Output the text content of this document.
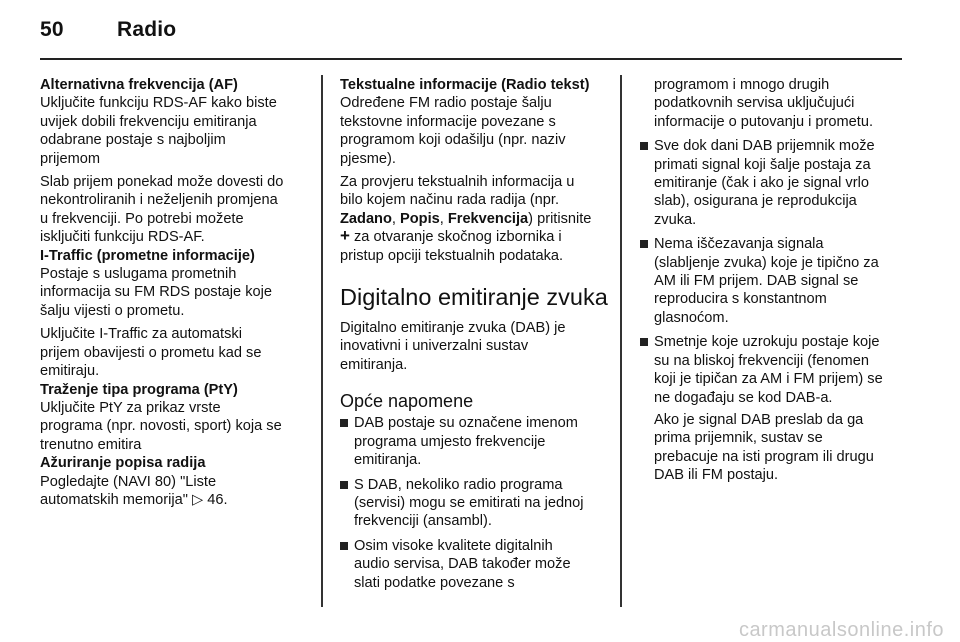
50	Radio
Alternativna frekvencija (AF)

Uključite funkciju RDS-AF kako biste
uvijek dobili frekvenciju emitiranja
odabrane postaje s najboljim
prijemom

Slab prijem ponekad može dovesti do
nekontroliranih i neželjenih promjena
u frekvenciji. Po potrebi možete
isključiti funkciju RDS-AF.

I-Traffic (prometne informacije)

Postaje s uslugama prometnih
informacija su FM RDS postaje koje
šalju vijesti o prometu.

Uključite I-Traffic za automatski
prijem obavijesti o prometu kad se
emitiraju.

Traženje tipa programa (PtY)

Uključite PtY za prikaz vrste
programa (npr. novosti, sport) koja se
trenutno emitira

Ažuriranje popisa radija

Pogledajte (NAVI 80) "Liste
automatskih memorija" ▷ 46.

Tekstualne informacije (Radio tekst)

Određene FM radio postaje šalju
tekstovne informacije povezane s
programom koji odašilju (npr. naziv
pjesme).

Za provjeru tekstualnih informacija u
bilo kojem načinu rada radija (npr.
Zadano, Popis, Frekvencija) pritisnite
+ za otvaranje skočnog izbornika i
pristup opciji tekstualnih podataka.

Digitalno emitiranje zvuka

Digitalno emitiranje zvuka (DAB) je
inovativni i univerzalni sustav
emitiranja.

Opće napomene
DAB postaje su označene imenom
programa umjesto frekvencije
emitiranja.
S DAB, nekoliko radio programa
(servisi) mogu se emitirati na jednoj
frekvenciji (ansambl).
Osim visoke kvalitete digitalnih
audio servisa, DAB također može
slati podatke povezane s

programom i mnogo drugih
podatkovnih servisa uključujući
informacije o putovanju i prometu.

Sve dok dani DAB prijemnik može
primati signal koji šalje postaja za
emitiranje (čak i ako je signal vrlo
slab), osigurana je reprodukcija
zvuka.
Nema iščezavanja signala
(slabljenje zvuka) koje je tipično za
AM ili FM prijem. DAB signal se
reproducira s konstantnom
glasnoćom.
Smetnje koje uzrokuju postaje koje
su na bliskoj frekvenciji (fenomen
koji je tipičan za AM i FM prijem) se
ne događaju se kod DAB-a.

Ako je signal DAB preslab da ga
prima prijemnik, sustav se
prebacuje na isti program ili drugu
DAB ili FM postaju.

carmanualsonline.info
